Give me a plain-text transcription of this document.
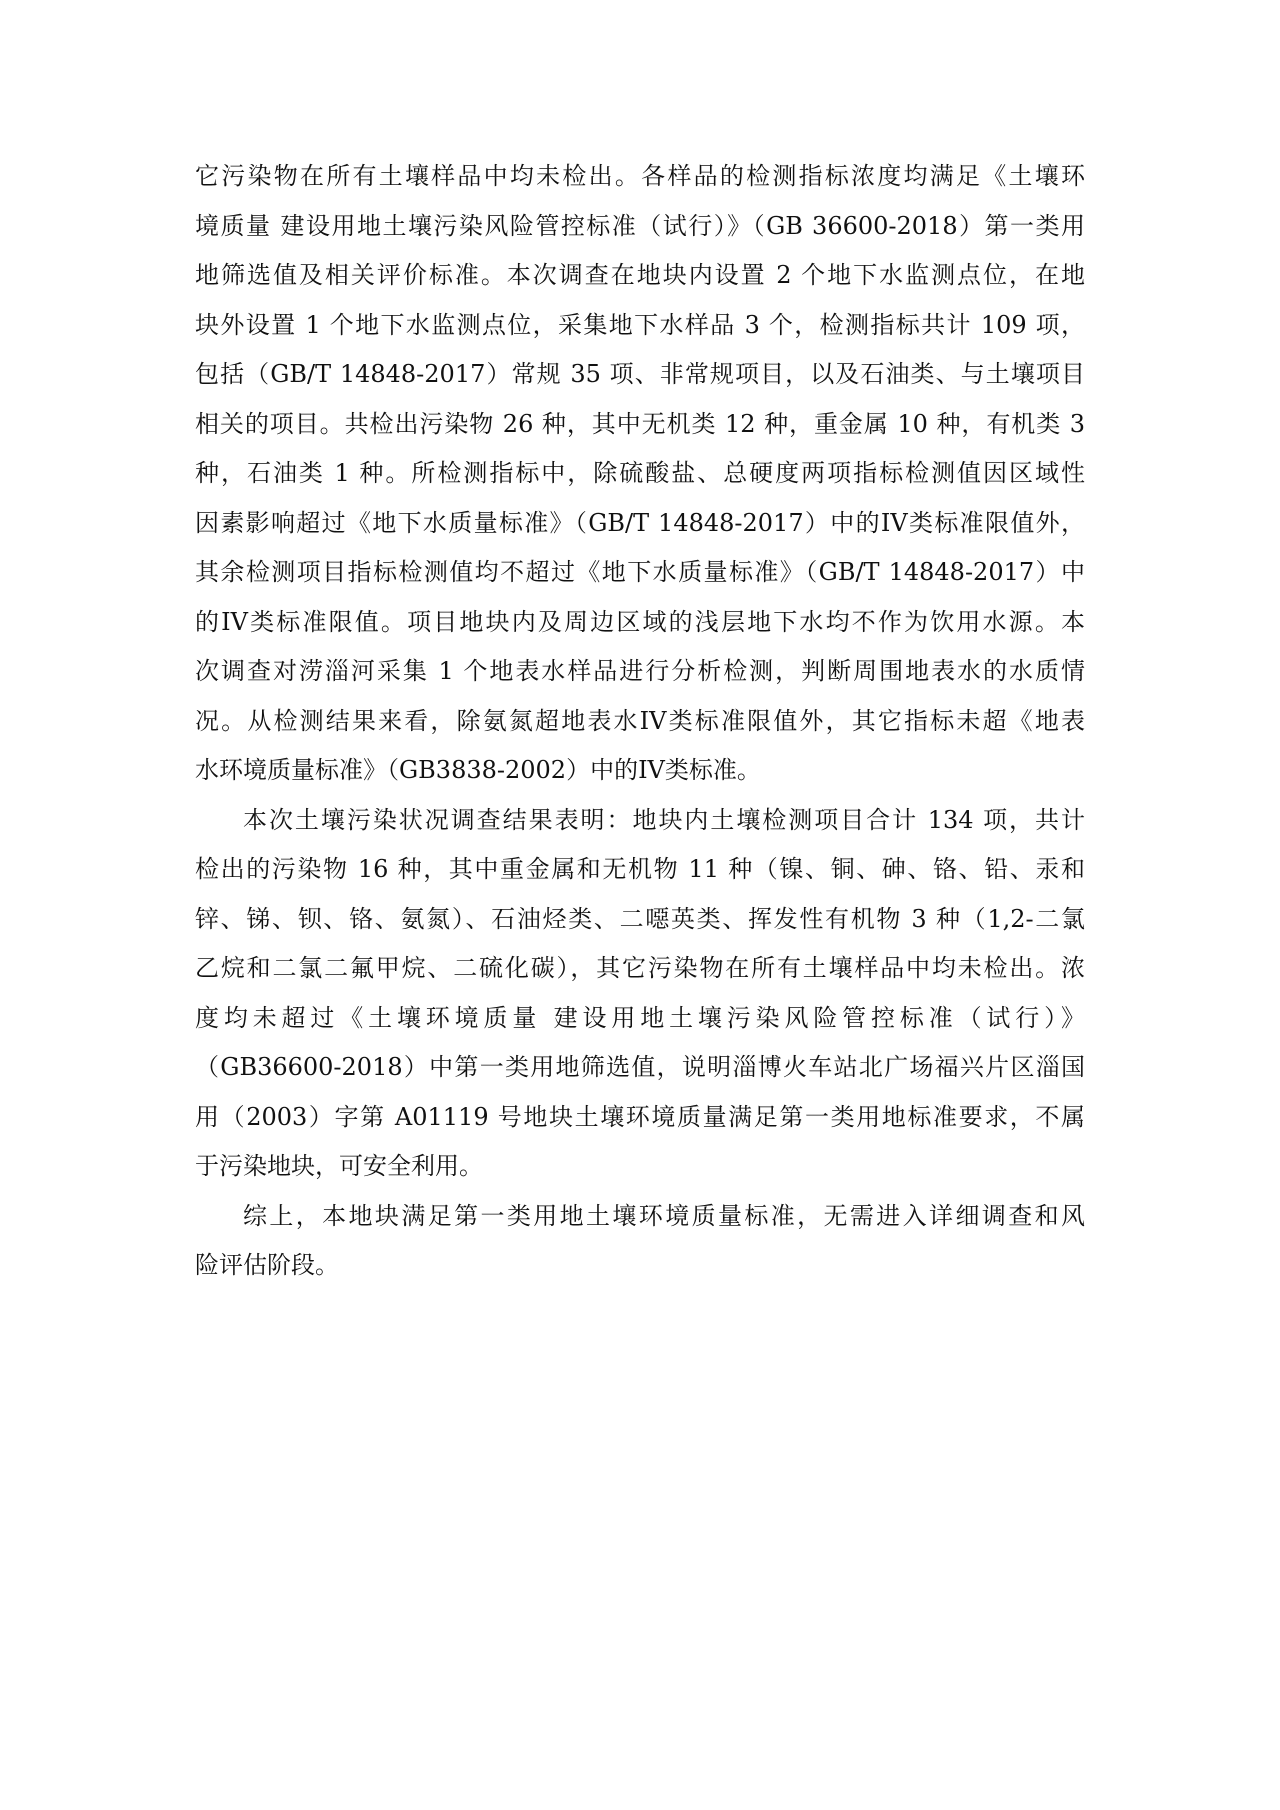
它污染物在所有土壤样品中均未检出。各样品的检测指标浓度均满足《土壤环
境质量 建设用地土壤污染风险管控标准（试行）》（GB 36600-2018）第一类用
地筛选值及相关评价标准。本次调查在地块内设置 2 个地下水监测点位，在地
块外设置 1 个地下水监测点位，采集地下水样品 3 个，检测指标共计 109 项，
包括（GB/T 14848-2017）常规 35 项、非常规项目，以及石油类、与土壤项目
相关的项目。共检出污染物 26 种，其中无机类 12 种，重金属 10 种，有机类 3
种，石油类 1 种。所检测指标中，除硫酸盐、总硬度两项指标检测值因区域性
因素影响超过《地下水质量标准》（GB/T 14848-2017）中的IV类标准限值外，
其余检测项目指标检测值均不超过《地下水质量标准》（GB/T 14848-2017）中
的IV类标准限值。项目地块内及周边区域的浅层地下水均不作为饮用水源。本
次调查对涝淄河采集 1 个地表水样品进行分析检测，判断周围地表水的水质情
况。从检测结果来看，除氨氮超地表水IV类标准限值外，其它指标未超《地表
水环境质量标准》（GB3838-2002）中的IV类标准。
本次土壤污染状况调查结果表明：地块内土壤检测项目合计 134 项，共计
检出的污染物 16 种，其中重金属和无机物 11 种（镍、铜、砷、铬、铅、汞和
锌、锑、钡、铬、氨氮）、石油烃类、二噁英类、挥发性有机物 3 种（1,2-二氯
乙烷和二氯二氟甲烷、二硫化碳），其它污染物在所有土壤样品中均未检出。浓
度均未超过《土壤环境质量 建设用地土壤污染风险管控标准（试行）》
（GB36600-2018）中第一类用地筛选值，说明淄博火车站北广场福兴片区淄国
用（2003）字第 A01119 号地块土壤环境质量满足第一类用地标准要求，不属
于污染地块，可安全利用。
综上，本地块满足第一类用地土壤环境质量标准，无需进入详细调查和风
险评估阶段。
